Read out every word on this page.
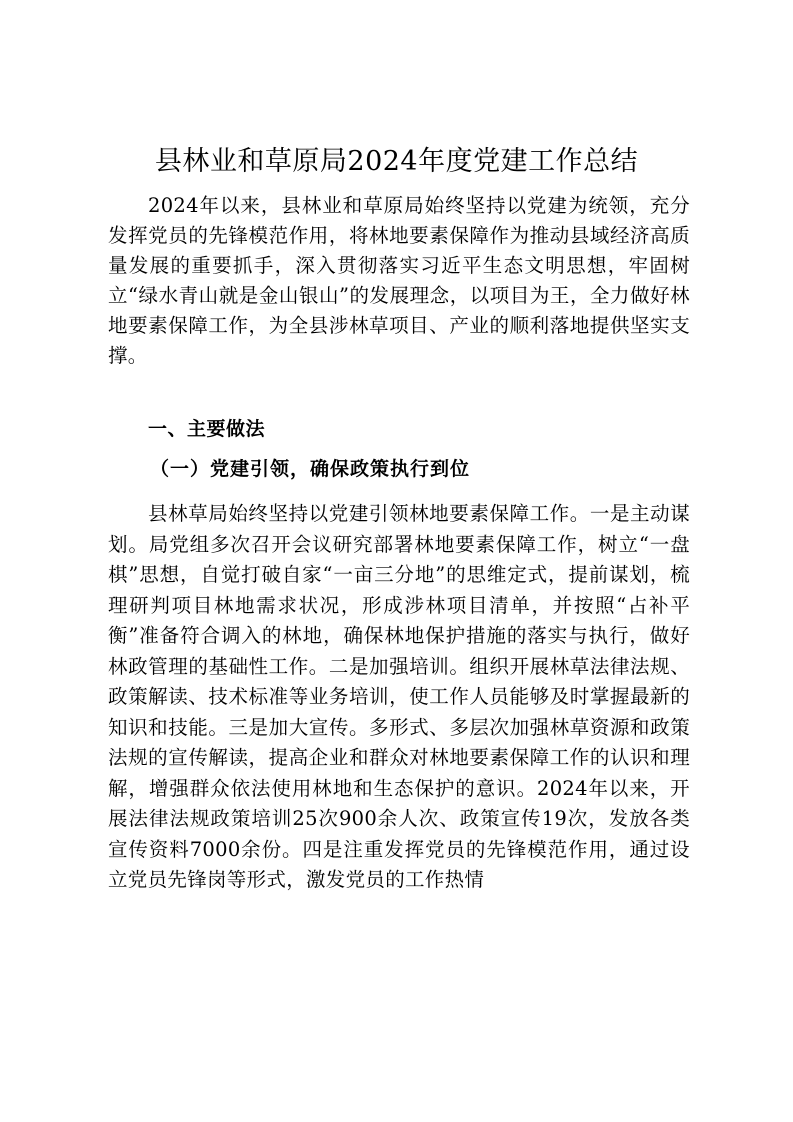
县林业和草原局2024年度党建工作总结

2024年以来，县林业和草原局始终坚持以党建为统领，充分发挥党员的先锋模范作用，将林地要素保障作为推动县域经济高质量发展的重要抓手，深入贯彻落实习近平生态文明思想，牢固树立“绿水青山就是金山银山”的发展理念，以项目为王，全力做好林地要素保障工作，为全县涉林草项目、产业的顺利落地提供坚实支撑。

一、主要做法
（一）党建引领，确保政策执行到位

县林草局始终坚持以党建引领林地要素保障工作。一是主动谋划。局党组多次召开会议研究部署林地要素保障工作，树立“一盘棋”思想，自觉打破自家“一亩三分地”的思维定式，提前谋划，梳理研判项目林地需求状况，形成涉林项目清单，并按照“占补平衡”准备符合调入的林地，确保林地保护措施的落实与执行，做好林政管理的基础性工作。二是加强培训。组织开展林草法律法规、政策解读、技术标准等业务培训，使工作人员能够及时掌握最新的知识和技能。三是加大宣传。多形式、多层次加强林草资源和政策法规的宣传解读，提高企业和群众对林地要素保障工作的认识和理解，增强群众依法使用林地和生态保护的意识。2024年以来，开展法律法规政策培训25次900余人次、政策宣传19次，发放各类宣传资料7000余份。四是注重发挥党员的先锋模范作用，通过设立党员先锋岗等形式，激发党员的工作热情
